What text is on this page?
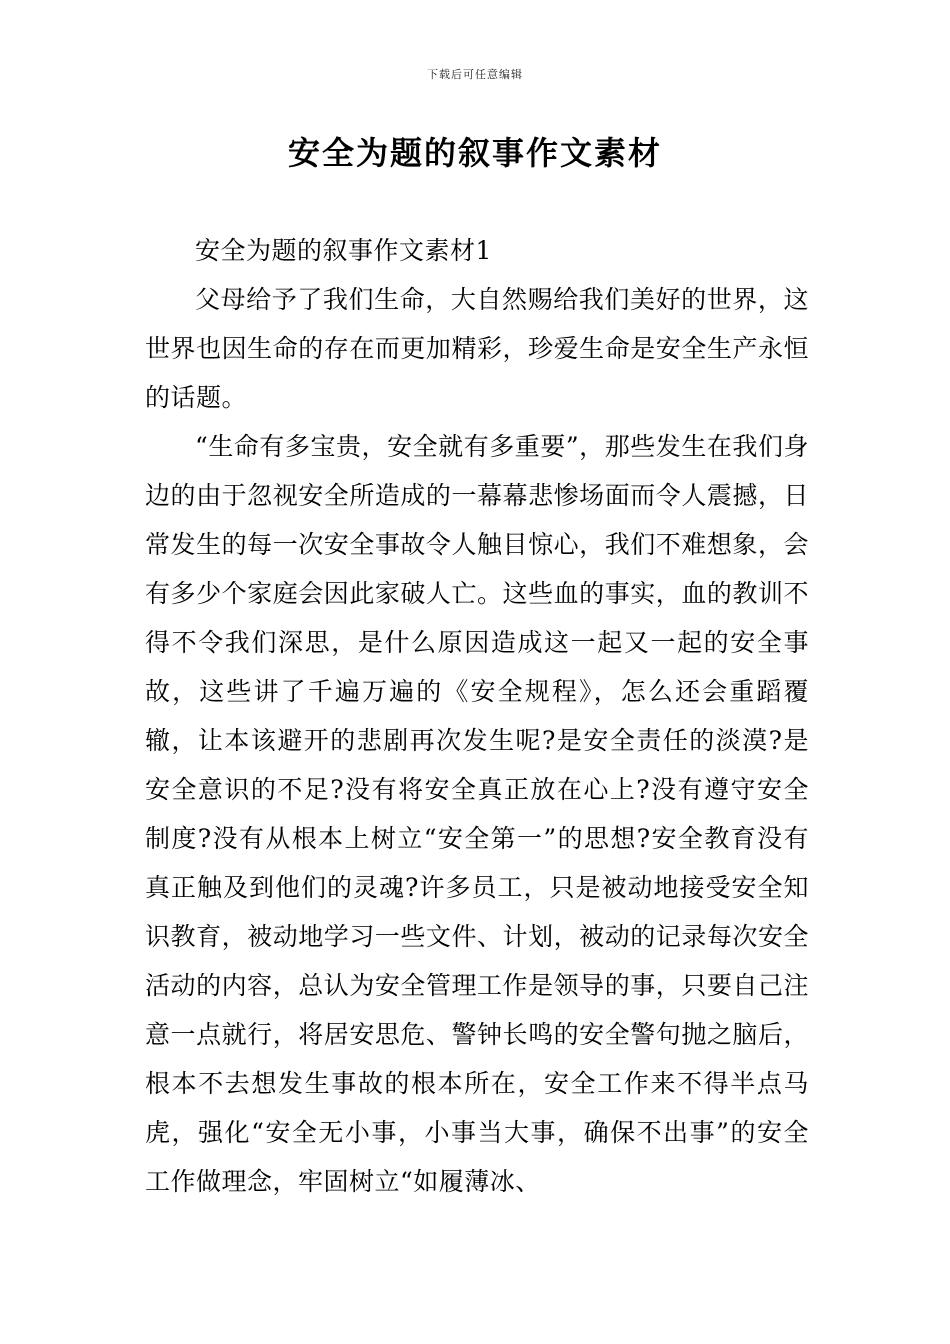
下载后可任意编辑
安全为题的叙事作文素材

安全为题的叙事作文素材1

父母给予了我们生命，大自然赐给我们美好的世界，这世界也因生命的存在而更加精彩，珍爱生命是安全生产永恒的话题。

“生命有多宝贵，安全就有多重要”，那些发生在我们身边的由于忽视安全所造成的一幕幕悲惨场面而令人震撼，日常发生的每一次安全事故令人触目惊心，我们不难想象，会有多少个家庭会因此家破人亡。这些血的事实，血的教训不得不令我们深思，是什么原因造成这一起又一起的安全事故，这些讲了千遍万遍的《安全规程》，怎么还会重蹈覆辙，让本该避开的悲剧再次发生呢?是安全责任的淡漠?是安全意识的不足?没有将安全真正放在心上?没有遵守安全制度?没有从根本上树立“安全第一”的思想?安全教育没有真正触及到他们的灵魂?许多员工，只是被动地接受安全知识教育，被动地学习一些文件、计划，被动的记录每次安全活动的内容，总认为安全管理工作是领导的事，只要自己注意一点就行，将居安思危、警钟长鸣的安全警句抛之脑后，根本不去想发生事故的根本所在，安全工作来不得半点马虎，强化“安全无小事，小事当大事，确保不出事”的安全工作做理念，牢固树立“如履薄冰、
